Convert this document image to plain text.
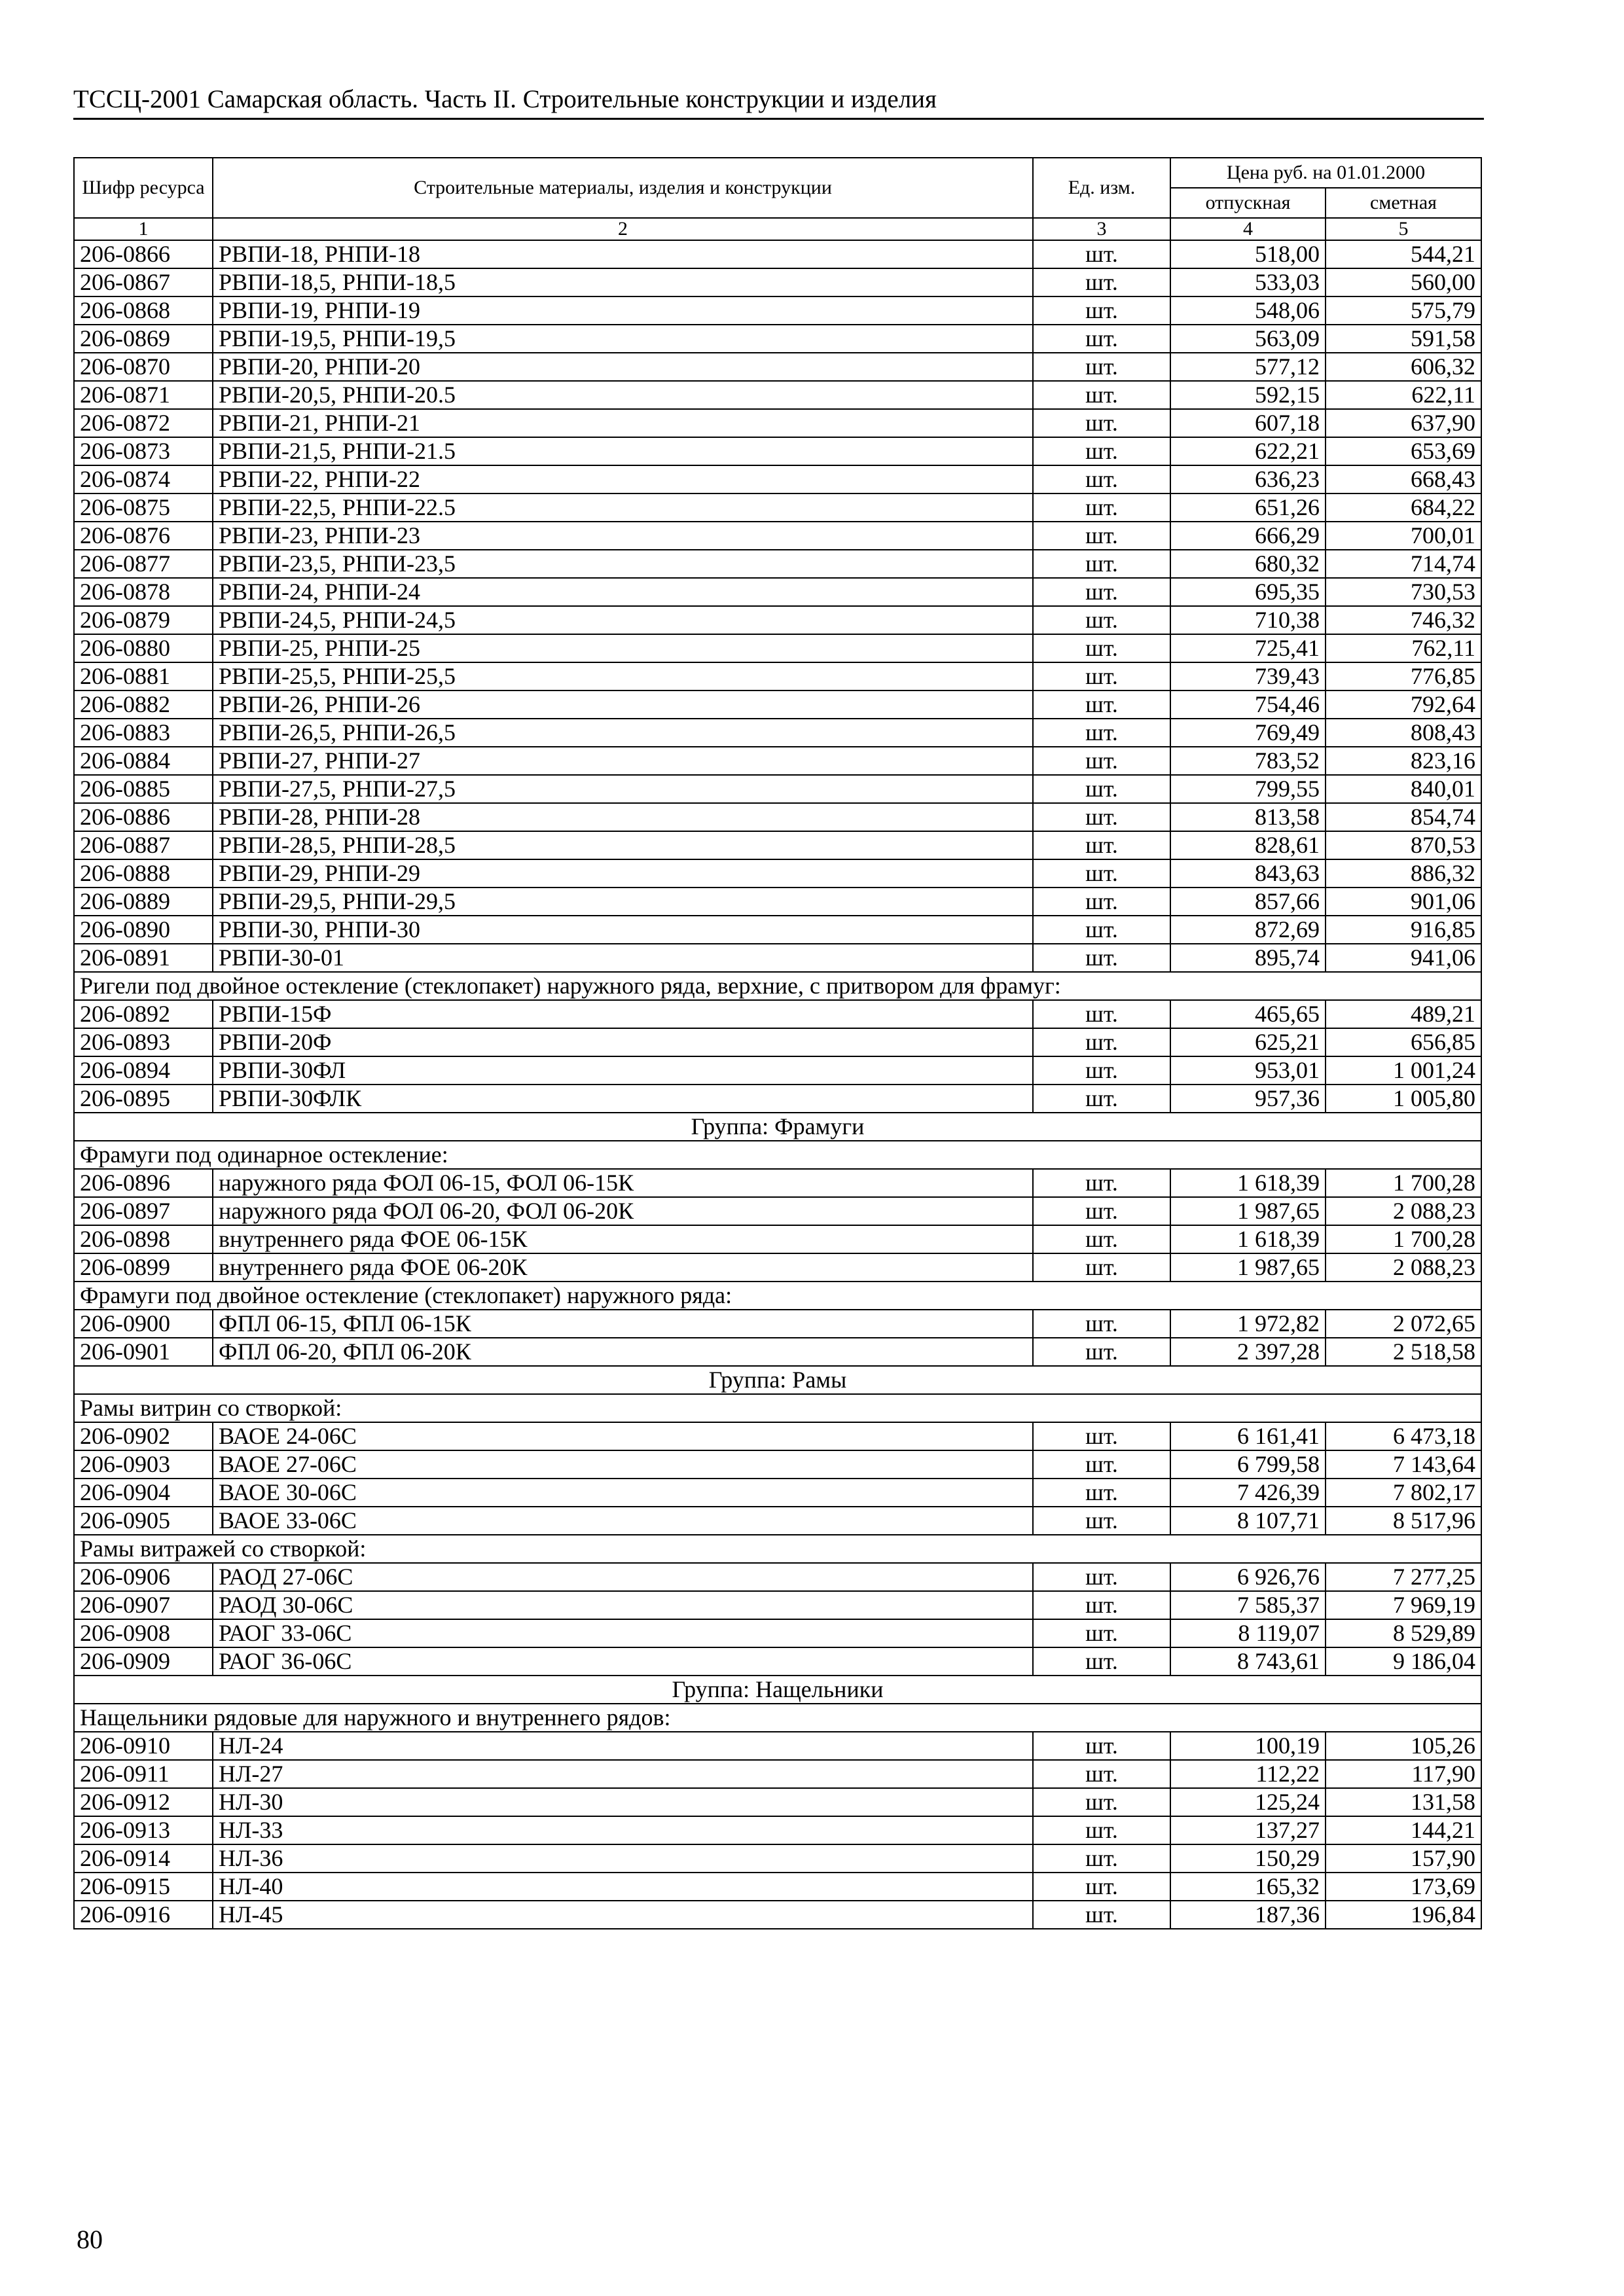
ТССЦ-2001 Самарская область. Часть II. Строительные конструкции и изделия
Шифр ресурса	Строительные материалы, изделия и конструкции	Ед. изм.	Цена руб. на 01.01.2000	
			отпускная	сметная
1	2	3	4	5
206-0866	РВПИ-18, РНПИ-18	шт.	518,00	544,21
206-0867	РВПИ-18,5, РНПИ-18,5	шт.	533,03	560,00
206-0868	РВПИ-19, РНПИ-19	шт.	548,06	575,79
206-0869	РВПИ-19,5, РНПИ-19,5	шт.	563,09	591,58
206-0870	РВПИ-20, РНПИ-20	шт.	577,12	606,32
206-0871	РВПИ-20,5, РНПИ-20.5	шт.	592,15	622,11
206-0872	РВПИ-21, РНПИ-21	шт.	607,18	637,90
206-0873	РВПИ-21,5, РНПИ-21.5	шт.	622,21	653,69
206-0874	РВПИ-22, РНПИ-22	шт.	636,23	668,43
206-0875	РВПИ-22,5, РНПИ-22.5	шт.	651,26	684,22
206-0876	РВПИ-23, РНПИ-23	шт.	666,29	700,01
206-0877	РВПИ-23,5, РНПИ-23,5	шт.	680,32	714,74
206-0878	РВПИ-24, РНПИ-24	шт.	695,35	730,53
206-0879	РВПИ-24,5, РНПИ-24,5	шт.	710,38	746,32
206-0880	РВПИ-25, РНПИ-25	шт.	725,41	762,11
206-0881	РВПИ-25,5, РНПИ-25,5	шт.	739,43	776,85
206-0882	РВПИ-26, РНПИ-26	шт.	754,46	792,64
206-0883	РВПИ-26,5, РНПИ-26,5	шт.	769,49	808,43
206-0884	РВПИ-27, РНПИ-27	шт.	783,52	823,16
206-0885	РВПИ-27,5, РНПИ-27,5	шт.	799,55	840,01
206-0886	РВПИ-28, РНПИ-28	шт.	813,58	854,74
206-0887	РВПИ-28,5, РНПИ-28,5	шт.	828,61	870,53
206-0888	РВПИ-29, РНПИ-29	шт.	843,63	886,32
206-0889	РВПИ-29,5, РНПИ-29,5	шт.	857,66	901,06
206-0890	РВПИ-30, РНПИ-30	шт.	872,69	916,85
206-0891	РВПИ-30-01	шт.	895,74	941,06
Ригели под двойное остекление (стеклопакет) наружного ряда, верхние, с притвором для фрамуг:				
206-0892	РВПИ-15Ф	шт.	465,65	489,21
206-0893	РВПИ-20Ф	шт.	625,21	656,85
206-0894	РВПИ-30ФЛ	шт.	953,01	1 001,24
206-0895	РВПИ-30ФЛК	шт.	957,36	1 005,80
Группа: Фрамуги				
Фрамуги под одинарное остекление:				
206-0896	наружного ряда ФОЛ 06-15, ФОЛ 06-15К	шт.	1 618,39	1 700,28
206-0897	наружного ряда ФОЛ 06-20, ФОЛ 06-20К	шт.	1 987,65	2 088,23
206-0898	внутреннего ряда ФОЕ 06-15К	шт.	1 618,39	1 700,28
206-0899	внутреннего ряда ФОЕ 06-20К	шт.	1 987,65	2 088,23
Фрамуги под двойное остекление (стеклопакет) наружного ряда:				
206-0900	ФПЛ 06-15, ФПЛ 06-15К	шт.	1 972,82	2 072,65
206-0901	ФПЛ 06-20, ФПЛ 06-20К	шт.	2 397,28	2 518,58
Группа: Рамы				
Рамы витрин со створкой:				
206-0902	ВАОЕ 24-06С	шт.	6 161,41	6 473,18
206-0903	ВАОЕ 27-06С	шт.	6 799,58	7 143,64
206-0904	ВАОЕ 30-06С	шт.	7 426,39	7 802,17
206-0905	ВАОЕ 33-06С	шт.	8 107,71	8 517,96
Рамы витражей со створкой:				
206-0906	РАОД 27-06С	шт.	6 926,76	7 277,25
206-0907	РАОД 30-06С	шт.	7 585,37	7 969,19
206-0908	РАОГ 33-06С	шт.	8 119,07	8 529,89
206-0909	РАОГ 36-06С	шт.	8 743,61	9 186,04
Группа: Нащельники				
Нащельники рядовые для наружного и внутреннего рядов:				
206-0910	НЛ-24	шт.	100,19	105,26
206-0911	НЛ-27	шт.	112,22	117,90
206-0912	НЛ-30	шт.	125,24	131,58
206-0913	НЛ-33	шт.	137,27	144,21
206-0914	НЛ-36	шт.	150,29	157,90
206-0915	НЛ-40	шт.	165,32	173,69
206-0916	НЛ-45	шт.	187,36	196,84
80
